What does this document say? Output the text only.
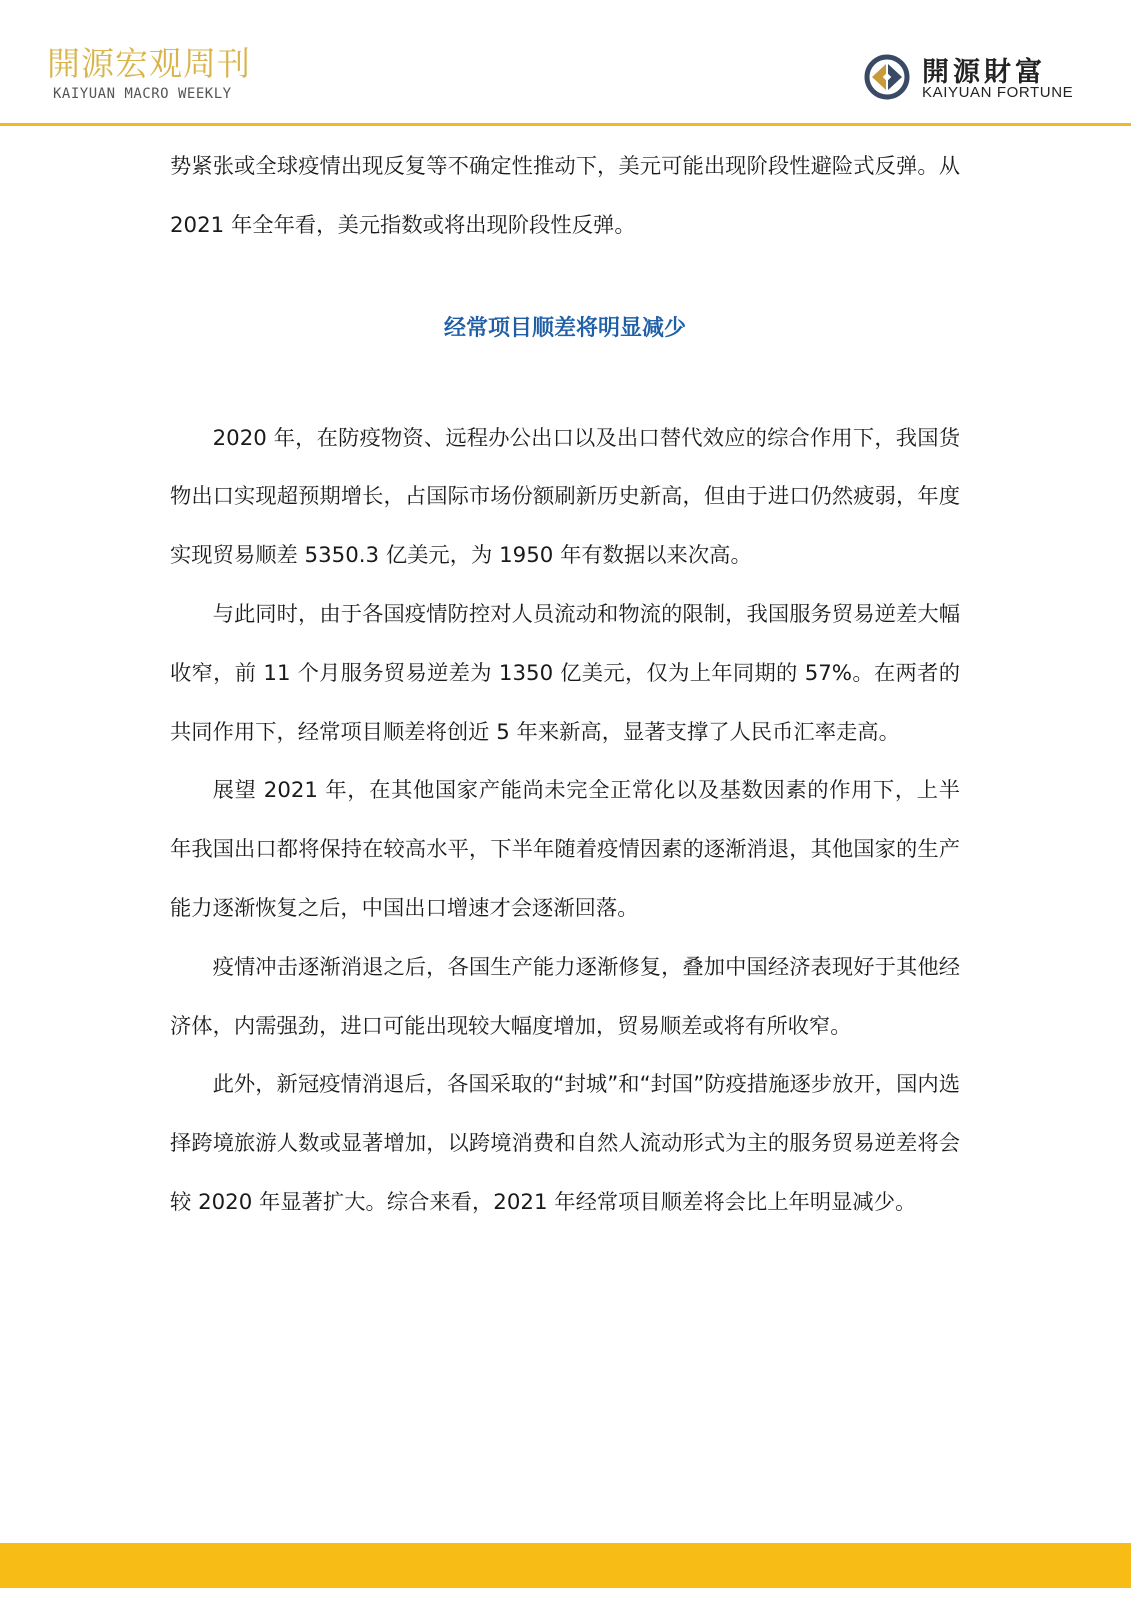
開源宏观周刊
KAIYUAN MACRO WEEKLY
開源財富
KAIYUAN FORTUNE

势紧张或全球疫情出现反复等不确定性推动下，美元可能出现阶段性避险式反弹。从 2021 年全年看，美元指数或将出现阶段性反弹。

经常项目顺差将明显减少

2020 年，在防疫物资、远程办公出口以及出口替代效应的综合作用下，我国货物出口实现超预期增长，占国际市场份额刷新历史新高，但由于进口仍然疲弱，年度实现贸易顺差 5350.3 亿美元，为 1950 年有数据以来次高。

与此同时，由于各国疫情防控对人员流动和物流的限制，我国服务贸易逆差大幅收窄，前 11 个月服务贸易逆差为 1350 亿美元，仅为上年同期的 57%。在两者的共同作用下，经常项目顺差将创近 5 年来新高，显著支撑了人民币汇率走高。

展望 2021 年，在其他国家产能尚未完全正常化以及基数因素的作用下，上半年我国出口都将保持在较高水平，下半年随着疫情因素的逐渐消退，其他国家的生产能力逐渐恢复之后，中国出口增速才会逐渐回落。

疫情冲击逐渐消退之后，各国生产能力逐渐修复，叠加中国经济表现好于其他经济体，内需强劲，进口可能出现较大幅度增加，贸易顺差或将有所收窄。

此外，新冠疫情消退后，各国采取的“封城”和“封国”防疫措施逐步放开，国内选择跨境旅游人数或显著增加，以跨境消费和自然人流动形式为主的服务贸易逆差将会较 2020 年显著扩大。综合来看，2021 年经常项目顺差将会比上年明显减少。
